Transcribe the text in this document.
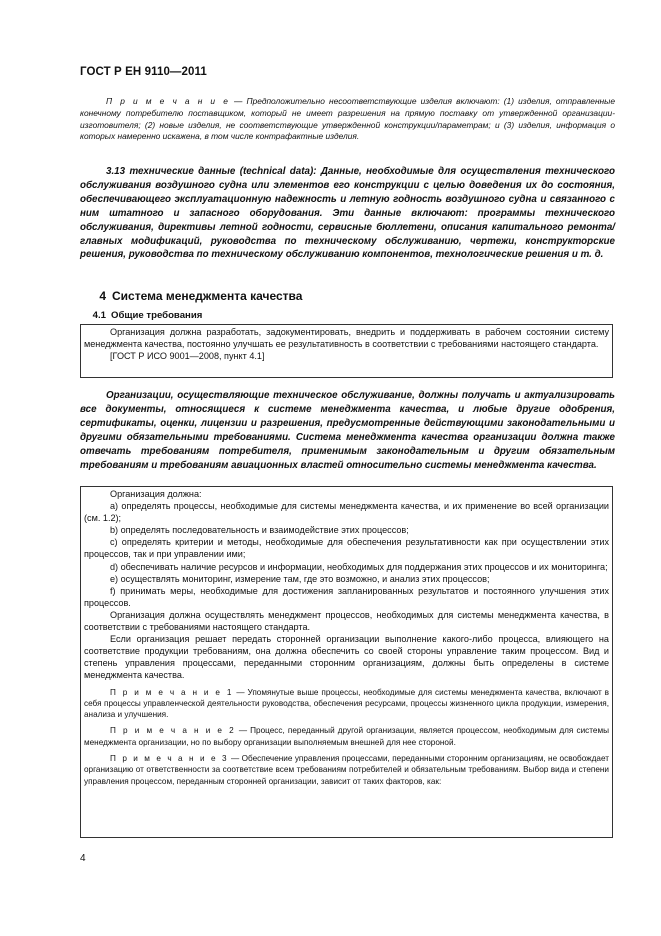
ГОСТ Р ЕН 9110—2011

П р и м е ч а н и е — Предположительно несоответствующие изделия включают: (1) изделия, отправленные конечному потребителю поставщиком, который не имеет разрешения на прямую поставку от утвержденной организации-изготовителя; (2) новые изделия, не соответствующие утвержденной конструкции/параметрам; и (3) изделия, информация о которых намеренно искажена, в том числе контрафактные изделия.

3.13 технические данные (technical data): Данные, необходимые для осуществления технического обслуживания воздушного судна или элементов его конструкции с целью доведения их до состояния, обеспечивающего эксплуатационную надежность и летную годность воздушного судна и связанного с ним штатного и запасного оборудования. Эти данные включают: программы технического обслуживания, директивы летной годности, сервисные бюллетени, описания капитального ремонта/главных модификаций, руководства по техническому обслуживанию, чертежи, конструкторские решения, руководства по техническому обслуживанию компонентов, технологические решения и т. д.

4 Система менеджмента качества
4.1 Общие требования

Организация должна разработать, задокументировать, внедрить и поддерживать в рабочем состоянии систему менеджмента качества, постоянно улучшать ее результативность в соответствии с требованиями настоящего стандарта.

[ГОСТ Р ИСО 9001—2008, пункт 4.1]

Организации, осуществляющие техническое обслуживание, должны получать и актуализировать все документы, относящиеся к системе менеджмента качества, и любые другие одобрения, сертификаты, оценки, лицензии и разрешения, предусмотренные действующими законодательными и другими обязательными требованиями. Система менеджмента качества организации должна также отвечать требованиям потребителя, применимым законодательным и другим обязательным требованиям и требованиям авиационных властей относительно системы менеджмента качества.

Организация должна:

a) определять процессы, необходимые для системы менеджмента качества, и их применение во всей организации (см. 1.2);

b) определять последовательность и взаимодействие этих процессов;

c) определять критерии и методы, необходимые для обеспечения результативности как при осуществлении этих процессов, так и при управлении ими;

d) обеспечивать наличие ресурсов и информации, необходимых для поддержания этих процессов и их мониторинга;

e) осуществлять мониторинг, измерение там, где это возможно, и анализ этих процессов;

f) принимать меры, необходимые для достижения запланированных результатов и постоянного улучшения этих процессов.

Организация должна осуществлять менеджмент процессов, необходимых для системы менеджмента качества, в соответствии с требованиями настоящего стандарта.

Если организация решает передать сторонней организации выполнение какого-либо процесса, влияющего на соответствие продукции требованиям, она должна обеспечить со своей стороны управление таким процессом. Вид и степень управления процессами, переданными сторонним организациям, должны быть определены в системе менеджмента качества.

П р и м е ч а н и е 1 — Упомянутые выше процессы, необходимые для системы менеджмента качества, включают в себя процессы управленческой деятельности руководства, обеспечения ресурсами, процессы жизненного цикла продукции, измерения, анализа и улучшения.

П р и м е ч а н и е 2 — Процесс, переданный другой организации, является процессом, необходимым для системы менеджмента организации, но по выбору организации выполняемым внешней для нее стороной.

П р и м е ч а н и е 3 — Обеспечение управления процессами, переданными сторонним организациям, не освобождает организацию от ответственности за соответствие всем требованиям потребителей и обязательным требованиям. Выбор вида и степени управления процессом, переданным сторонней организации, зависит от таких факторов, как:

4
